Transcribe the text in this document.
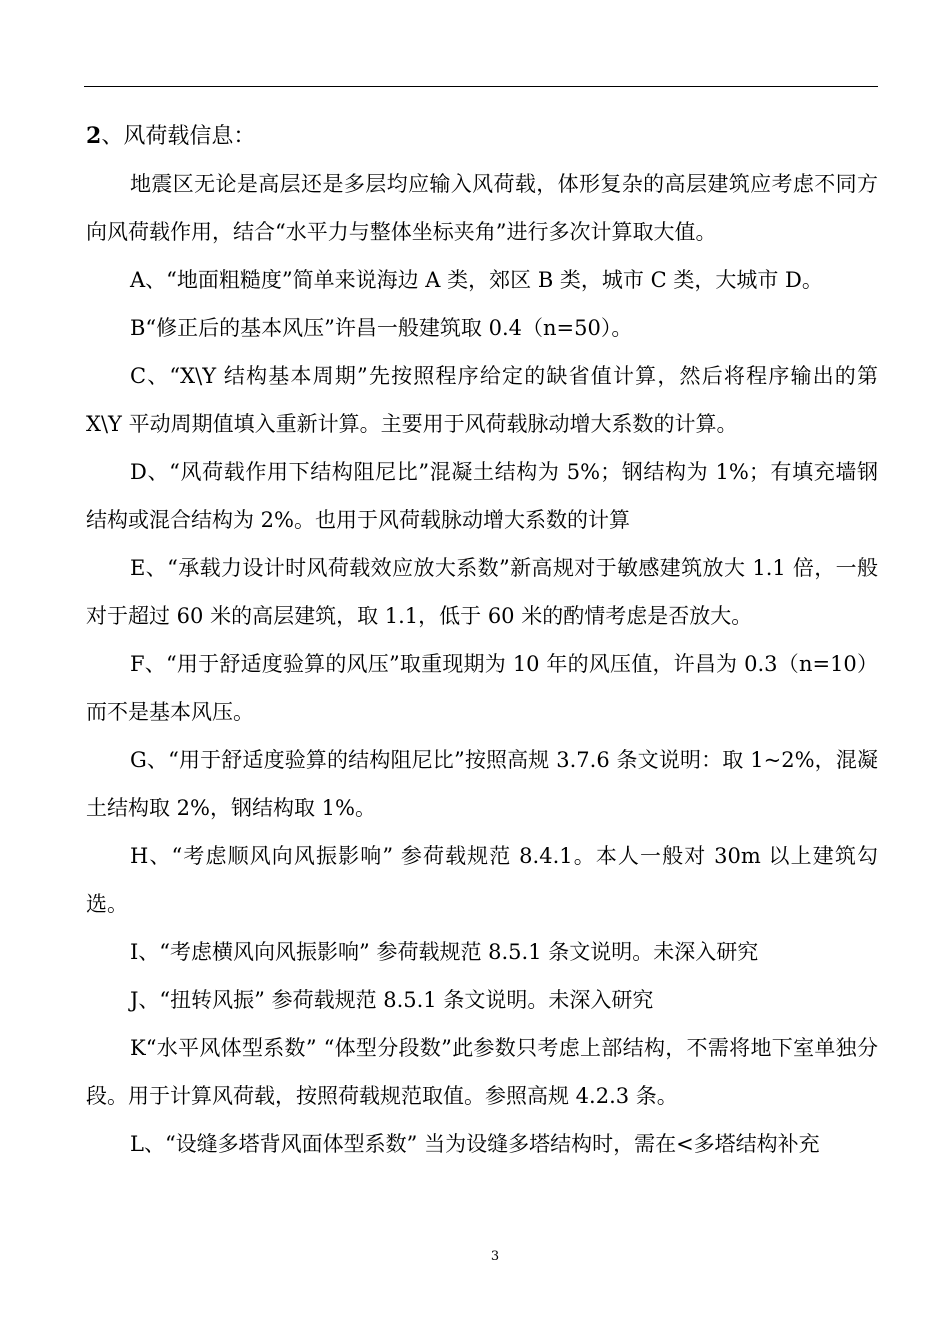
2、风荷载信息：

地震区无论是高层还是多层均应输入风荷载，体形复杂的高层建筑应考虑不同方向风荷载作用，结合“水平力与整体坐标夹角”进行多次计算取大值。

A、“地面粗糙度”简单来说海边 A 类，郊区 B 类，城市 C 类，大城市 D。

B“修正后的基本风压”许昌一般建筑取 0.4（n=50）。

C、“X\Y 结构基本周期”先按照程序给定的缺省值计算，然后将程序输出的第 X\Y 平动周期值填入重新计算。主要用于风荷载脉动增大系数的计算。

D、“风荷载作用下结构阻尼比”混凝土结构为 5%；钢结构为 1%；有填充墙钢结构或混合结构为 2%。也用于风荷载脉动增大系数的计算

E、“承载力设计时风荷载效应放大系数”新高规对于敏感建筑放大 1.1 倍，一般对于超过 60 米的高层建筑，取 1.1，低于 60 米的酌情考虑是否放大。

F、“用于舒适度验算的风压”取重现期为 10 年的风压值，许昌为 0.3（n=10）而不是基本风压。

G、“用于舒适度验算的结构阻尼比”按照高规 3.7.6 条文说明：取 1~2%，混凝土结构取 2%，钢结构取 1%。

H、“考虑顺风向风振影响” 参荷载规范 8.4.1。本人一般对 30m 以上建筑勾选。

I、“考虑横风向风振影响” 参荷载规范 8.5.1 条文说明。未深入研究

J、“扭转风振” 参荷载规范 8.5.1 条文说明。未深入研究

K“水平风体型系数” “体型分段数”此参数只考虑上部结构，不需将地下室单独分段。用于计算风荷载，按照荷载规范取值。参照高规 4.2.3 条。

L、“设缝多塔背风面体型系数” 当为设缝多塔结构时，需在<多塔结构补充

3
